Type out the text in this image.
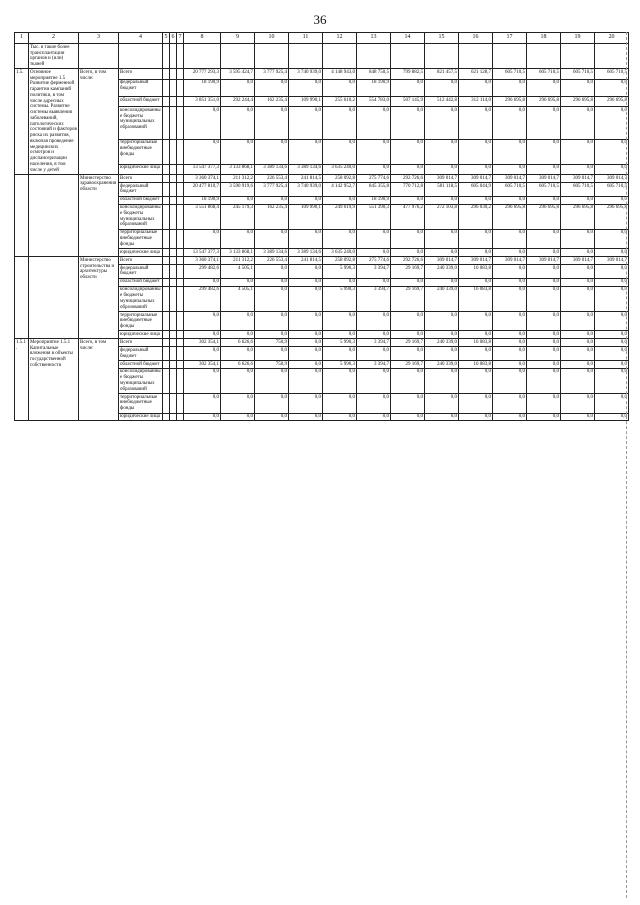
36
1	2	3	4	5	6	7	8	9	10	11	12	13	14	15	16	17	18	19	20
	Тыс. в такие более трансплантации органов и (или) тканей																		
1.5.	Основное мероприятие 1.5 Развитие ферменной гарантии кампаний политики, в том числе адресных системы. Развитие системы выявления заболеваний, патологических состояний и факторов риска их развития, включая проведение медицинских осмотров и диспансеризации населения, в том числе у детей	Всего, в том числе:	Всего				20 777 293,3	3 595 424,7	3 777 925,4	3 740 939,0	4 148 943,0	848 750,5	799 882,5	821 457,5	621 128,7	605 710,5	605 710,5	605 710,5	605 710,5
			федеральный бюджет				18 190,9	0,0	0,0	0,0	0,0	18 190,9	0,0	0,0	0,0	0,0	0,0	0,0	0,0
			областной бюджет				3 851 351,0	292 244,4	162 235,4	109 990,1	255 610,2	554 783,0	507 145,9	512 442,8	312 114,0	296 695,8	296 695,8	296 695,8	296 695,8
			консолидированные бюджеты муниципальных образований				0,0	0,0	0,0	0,0	0,0	0,0	0,0	0,0	0,0	0,0	0,0	0,0	0,0
			территориальные внебюджетные фонды				0,0	0,0	0,0	0,0	0,0	0,0	0,0	0,0	0,0	0,0	0,0	0,0	0,0
			юридические лица				13 547 377,3	3 133 868,1	3 389 134,6	3 389 134,6	3 635 240,0	0,0	0,0	0,0	0,0	0,0	0,0	0,0	0,0
		Министерство здравоохранения области	Всего				3 360 374,1	211 312,2	226 553,4	241 814,5	258 092,8	275 774,6	292 726,6	309 014,7	309 014,7	309 014,7	309 014,7	309 014,7	309 014,7
			федеральный бюджет				20 477 810,7	3 590 919,6	3 777 925,4	3 740 939,0	4 142 952,7	845 355,8	770 712,8	581 118,5	605 044,9	605 710,5	605 710,5	605 710,5	605 710,5
			областной бюджет				18 190,9	0,0	0,0	0,0	0,0	18 190,9	0,0	0,0	0,0	0,0	0,0	0,0	0,0
			консолидированные бюджеты муниципальных образований				3 551 868,4	245 179,3	162 235,4	109 990,1	249 619,9	551 390,3	477 976,2	272 103,8	296 030,2	296 695,8	296 695,8	296 695,8	296 695,8
			территориальные внебюджетные фонды				0,0	0,0	0,0	0,0	0,0	0,0	0,0	0,0	0,0	0,0	0,0	0,0	0,0
			юридические лица				13 547 377,3	3 133 868,1	3 389 134,6	3 389 134,6	3 635 240,0	0,0	0,0	0,0	0,0	0,0	0,0	0,0	0,0
		Министерство строительства и архитектуры области	Всего				3 360 374,1	211 312,2	226 553,4	241 814,5	258 092,8	275 774,6	292 726,6	309 014,7	309 014,7	309 014,7	309 014,7	309 014,7	309 014,7
			федеральный бюджет				299 482,6	4 505,1	0,0	0,0	5 990,3	3 394,7	29 169,7	240 339,0	16 083,8	0,0	0,0	0,0	0,0
			областной бюджет				0,0	0,0	0,0	0,0	0,0	0,0	0,0	0,0	0,0	0,0	0,0	0,0	0,0
			консолидированные бюджеты муниципальных образований				299 482,6	4 505,1	0,0	0,0	5 990,3	3 394,7	29 169,7	240 339,0	16 083,8	0,0	0,0	0,0	0,0
			территориальные внебюджетные фонды				0,0	0,0	0,0	0,0	0,0	0,0	0,0	0,0	0,0	0,0	0,0	0,0	0,0
			юридические лица				0,0	0,0	0,0	0,0	0,0	0,0	0,0	0,0	0,0	0,0	0,0	0,0	0,0
1.5.1.	Мероприятие 1.5.1 Капитальные вложения в объекты государственной собственности	Всего, в том числе:	Всего				302 354,1	6 626,6	750,9	0,0	5 990,3	3 394,7	29 169,7	240 339,0	16 083,8	0,0	0,0	0,0	0,0
			федеральный бюджет				0,0	0,0	0,0	0,0	0,0	0,0	0,0	0,0	0,0	0,0	0,0	0,0	0,0
			областной бюджет				302 354,1	6 626,6	750,9	0,0	5 990,3	3 394,7	29 169,7	240 339,0	16 083,8	0,0	0,0	0,0	0,0
			консолидированные бюджеты муниципальных образований				0,0	0,0	0,0	0,0	0,0	0,0	0,0	0,0	0,0	0,0	0,0	0,0	0,0
			территориальные внебюджетные фонды				0,0	0,0	0,0	0,0	0,0	0,0	0,0	0,0	0,0	0,0	0,0	0,0	0,0
			юридические лица				0,0	0,0	0,0	0,0	0,0	0,0	0,0	0,0	0,0	0,0	0,0	0,0	0,0
